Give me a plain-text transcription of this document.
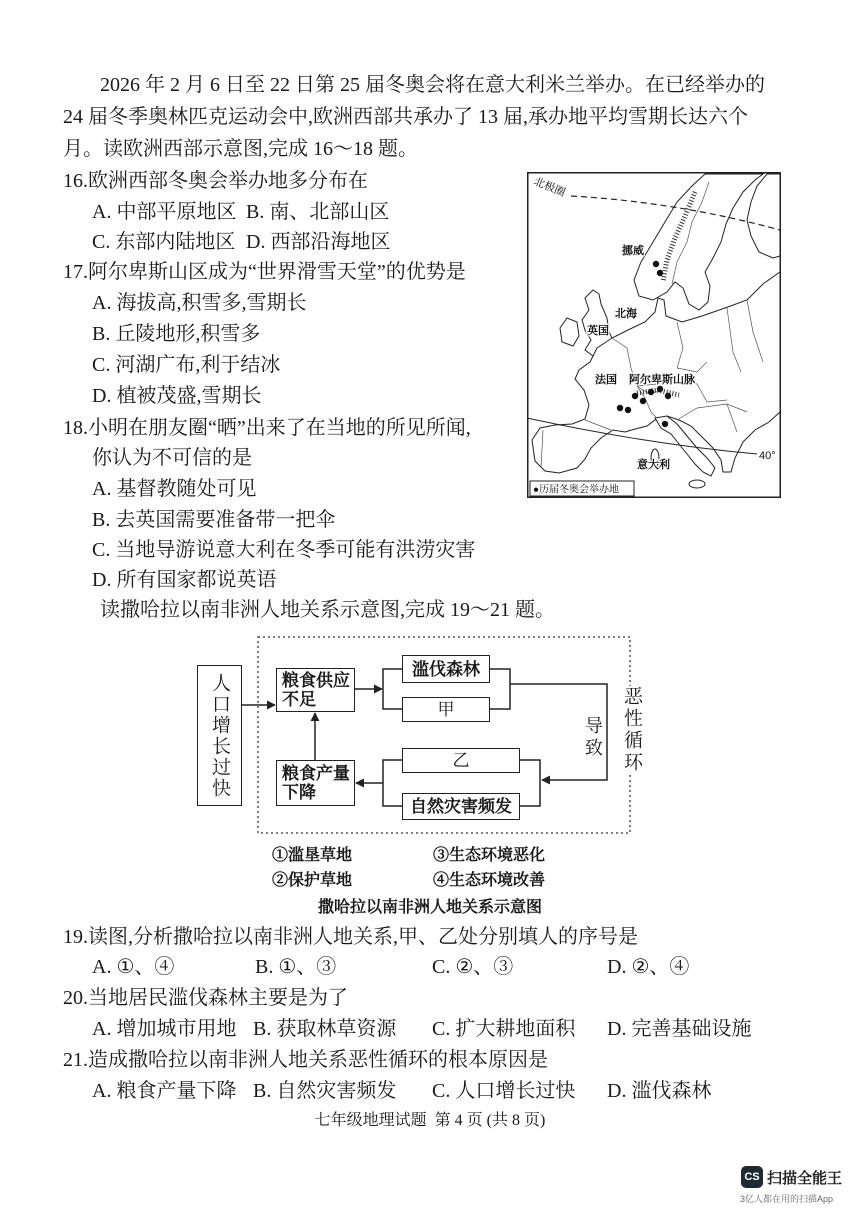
2026 年 2 月 6 日至 22 日第 25 届冬奥会将在意大利米兰举办。在已经举办的
24 届冬季奥林匹克运动会中,欧洲西部共承办了 13 届,承办地平均雪期长达六个
月。读欧洲西部示意图,完成 16～18 题。
16.欧洲西部冬奥会举办地多分布在
A. 中部平原地区 B. 南、北部山区
C. 东部内陆地区 D. 西部沿海地区
17.阿尔卑斯山区成为“世界滑雪天堂”的优势是
A. 海拔高,积雪多,雪期长
B. 丘陵地形,积雪多
C. 河湖广布,利于结冰
D. 植被茂盛,雪期长
18.小明在朋友圈“晒”出来了在当地的所见所闻,
你认为不可信的是
A. 基督教随处可见
B. 去英国需要准备带一把伞
C. 当地导游说意大利在冬季可能有洪涝灾害
D. 所有国家都说英语
北极圈
挪威
北海
英国
法国 阿尔卑斯山脉
意大利
40°
●历届冬奥会举办地
读撒哈拉以南非洲人地关系示意图,完成 19～21 题。
人口增长过快	粮食供应不足
滥伐森林
甲
乙
自然灾害频发
粮食产量下降
导致 恶性循环
①滥垦草地	③生态环境恶化
②保护草地	④生态环境改善
撒哈拉以南非洲人地关系示意图
19.读图,分析撒哈拉以南非洲人地关系,甲、乙处分别填人的序号是
A. ①、④	B. ①、③	C. ②、③	D. ②、④
20.当地居民滥伐森林主要是为了
A. 增加城市用地 B. 获取林草资源 C. 扩大耕地面积 D. 完善基础设施
21.造成撒哈拉以南非洲人地关系恶性循环的根本原因是
A. 粮食产量下降 B. 自然灾害频发 C. 人口增长过快 D. 滥伐森林
七年级地理试题  第 4 页 (共 8 页)
CS 扫描全能王
3亿人都在用的扫描App
